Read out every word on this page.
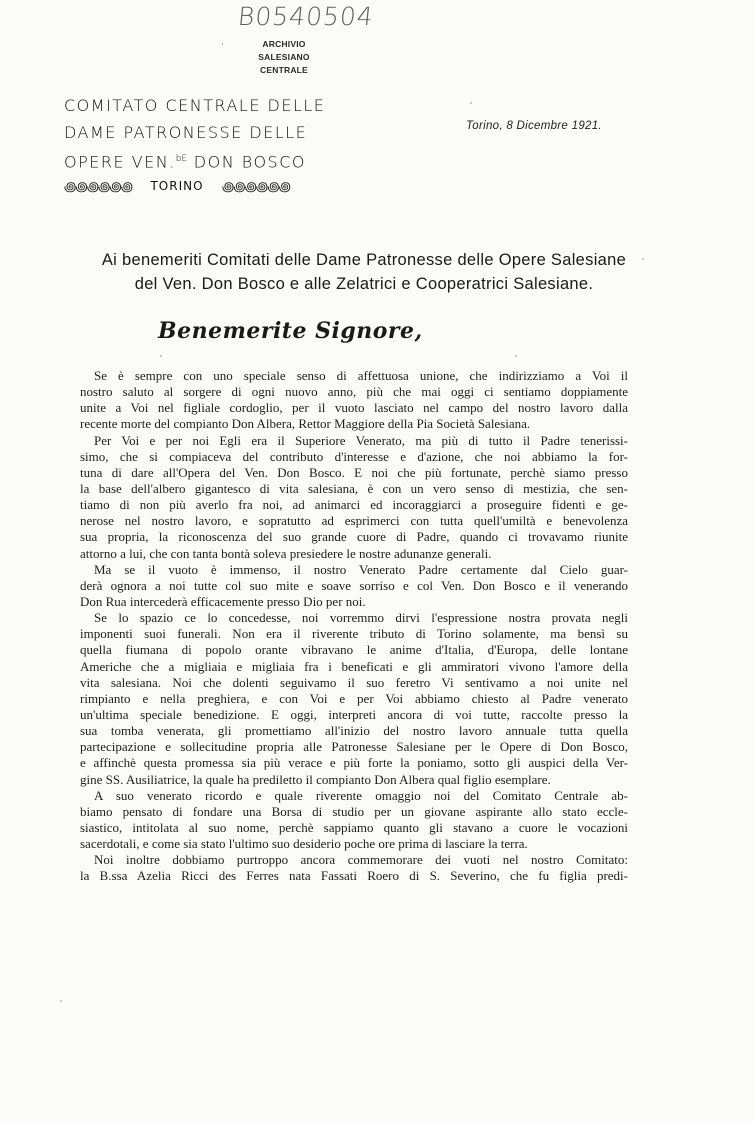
B0540504
·	ARCHIVIO SALESIANO
CENTRALE
COMITATO CENTRALE DELLE
DAME PATRONESSE DELLE
OPERE VEN.$^{bE}$ DON BOSCO
꩜꩜꩜꩜꩜꩜ TORINO ꩜꩜꩜꩜꩜꩜
Torino, 8 Dicembre 1921.
Ai benemeriti Comitati delle Dame Patronesse delle Opere Salesiane
del Ven. Don Bosco e alle Zelatrici e Cooperatrici Salesiane.
Benemerite Signore,
Se è sempre con uno speciale senso di affettuosa unione, che indirizziamo a Voi il
nostro saluto al sorgere di ogni nuovo anno, più che mai oggi ci sentiamo doppiamente
unite a Voi nel figliale cordoglio, per il vuoto lasciato nel campo del nostro lavoro dalla
recente morte del compianto Don Albera, Rettor Maggiore della Pia Società Salesiana.
Per Voi e per noi Egli era il Superiore Venerato, ma più di tutto il Padre tenerissi-
simo, che si compiaceva del contributo d'interesse e d'azione, che noi abbiamo la for-
tuna di dare all'Opera del Ven. Don Bosco. E noi che più fortunate, perchè siamo presso
la base dell'albero gigantesco di vita salesiana, è con un vero senso di mestizia, che sen-
tiamo di non più averlo fra noi, ad animarci ed incoraggiarci a proseguire fidenti e ge-
nerose nel nostro lavoro, e sopratutto ad esprimerci con tutta quell'umiltà e benevolenza
sua propria, la riconoscenza del suo grande cuore di Padre, quando ci trovavamo riunite
attorno a lui, che con tanta bontà soleva presiedere le nostre adunanze generali.
Ma se il vuoto è immenso, il nostro Venerato Padre certamente dal Cielo guar-
derà ognora a noi tutte col suo mite e soave sorriso e col Ven. Don Bosco e il venerando
Don Rua intercederà efficacemente presso Dio per noi.
Se lo spazio ce lo concedesse, noi vorremmo dirvi l'espressione nostra provata negli
imponenti suoi funerali. Non era il riverente tributo di Torino solamente, ma bensì su
quella fiumana di popolo orante vibravano le anime d'Italia, d'Europa, delle lontane
Americhe che a migliaia e migliaia fra i beneficati e gli ammiratori vivono l'amore della
vita salesiana. Noi che dolenti seguivamo il suo feretro Vi sentivamo a noi unite nel
rimpianto e nella preghiera, e con Voi e per Voi abbiamo chiesto al Padre venerato
un'ultima speciale benedizione. E oggi, interpreti ancora di voi tutte, raccolte presso la
sua tomba venerata, gli promettiamo all'inizio del nostro lavoro annuale tutta quella
partecipazione e sollecitudine propria alle Patronesse Salesiane per le Opere di Don Bosco,
e affinchè questa promessa sia più verace e più forte la poniamo, sotto gli auspici della Ver-
gine SS. Ausiliatrice, la quale ha prediletto il compianto Don Albera qual figlio esemplare.
A suo venerato ricordo e quale riverente omaggio noi del Comitato Centrale ab-
biamo pensato di fondare una Borsa di studio per un giovane aspirante allo stato eccle-
siastico, intitolata al suo nome, perchè sappiamo quanto gli stavano a cuore le vocazioni
sacerdotali, e come sia stato l'ultimo suo desiderio poche ore prima di lasciare la terra.
Noi inoltre dobbiamo purtroppo ancora commemorare dei vuoti nel nostro Comitato:
la B.ssa Azelia Ricci des Ferres nata Fassati Roero di S. Severino, che fu figlia predi-
